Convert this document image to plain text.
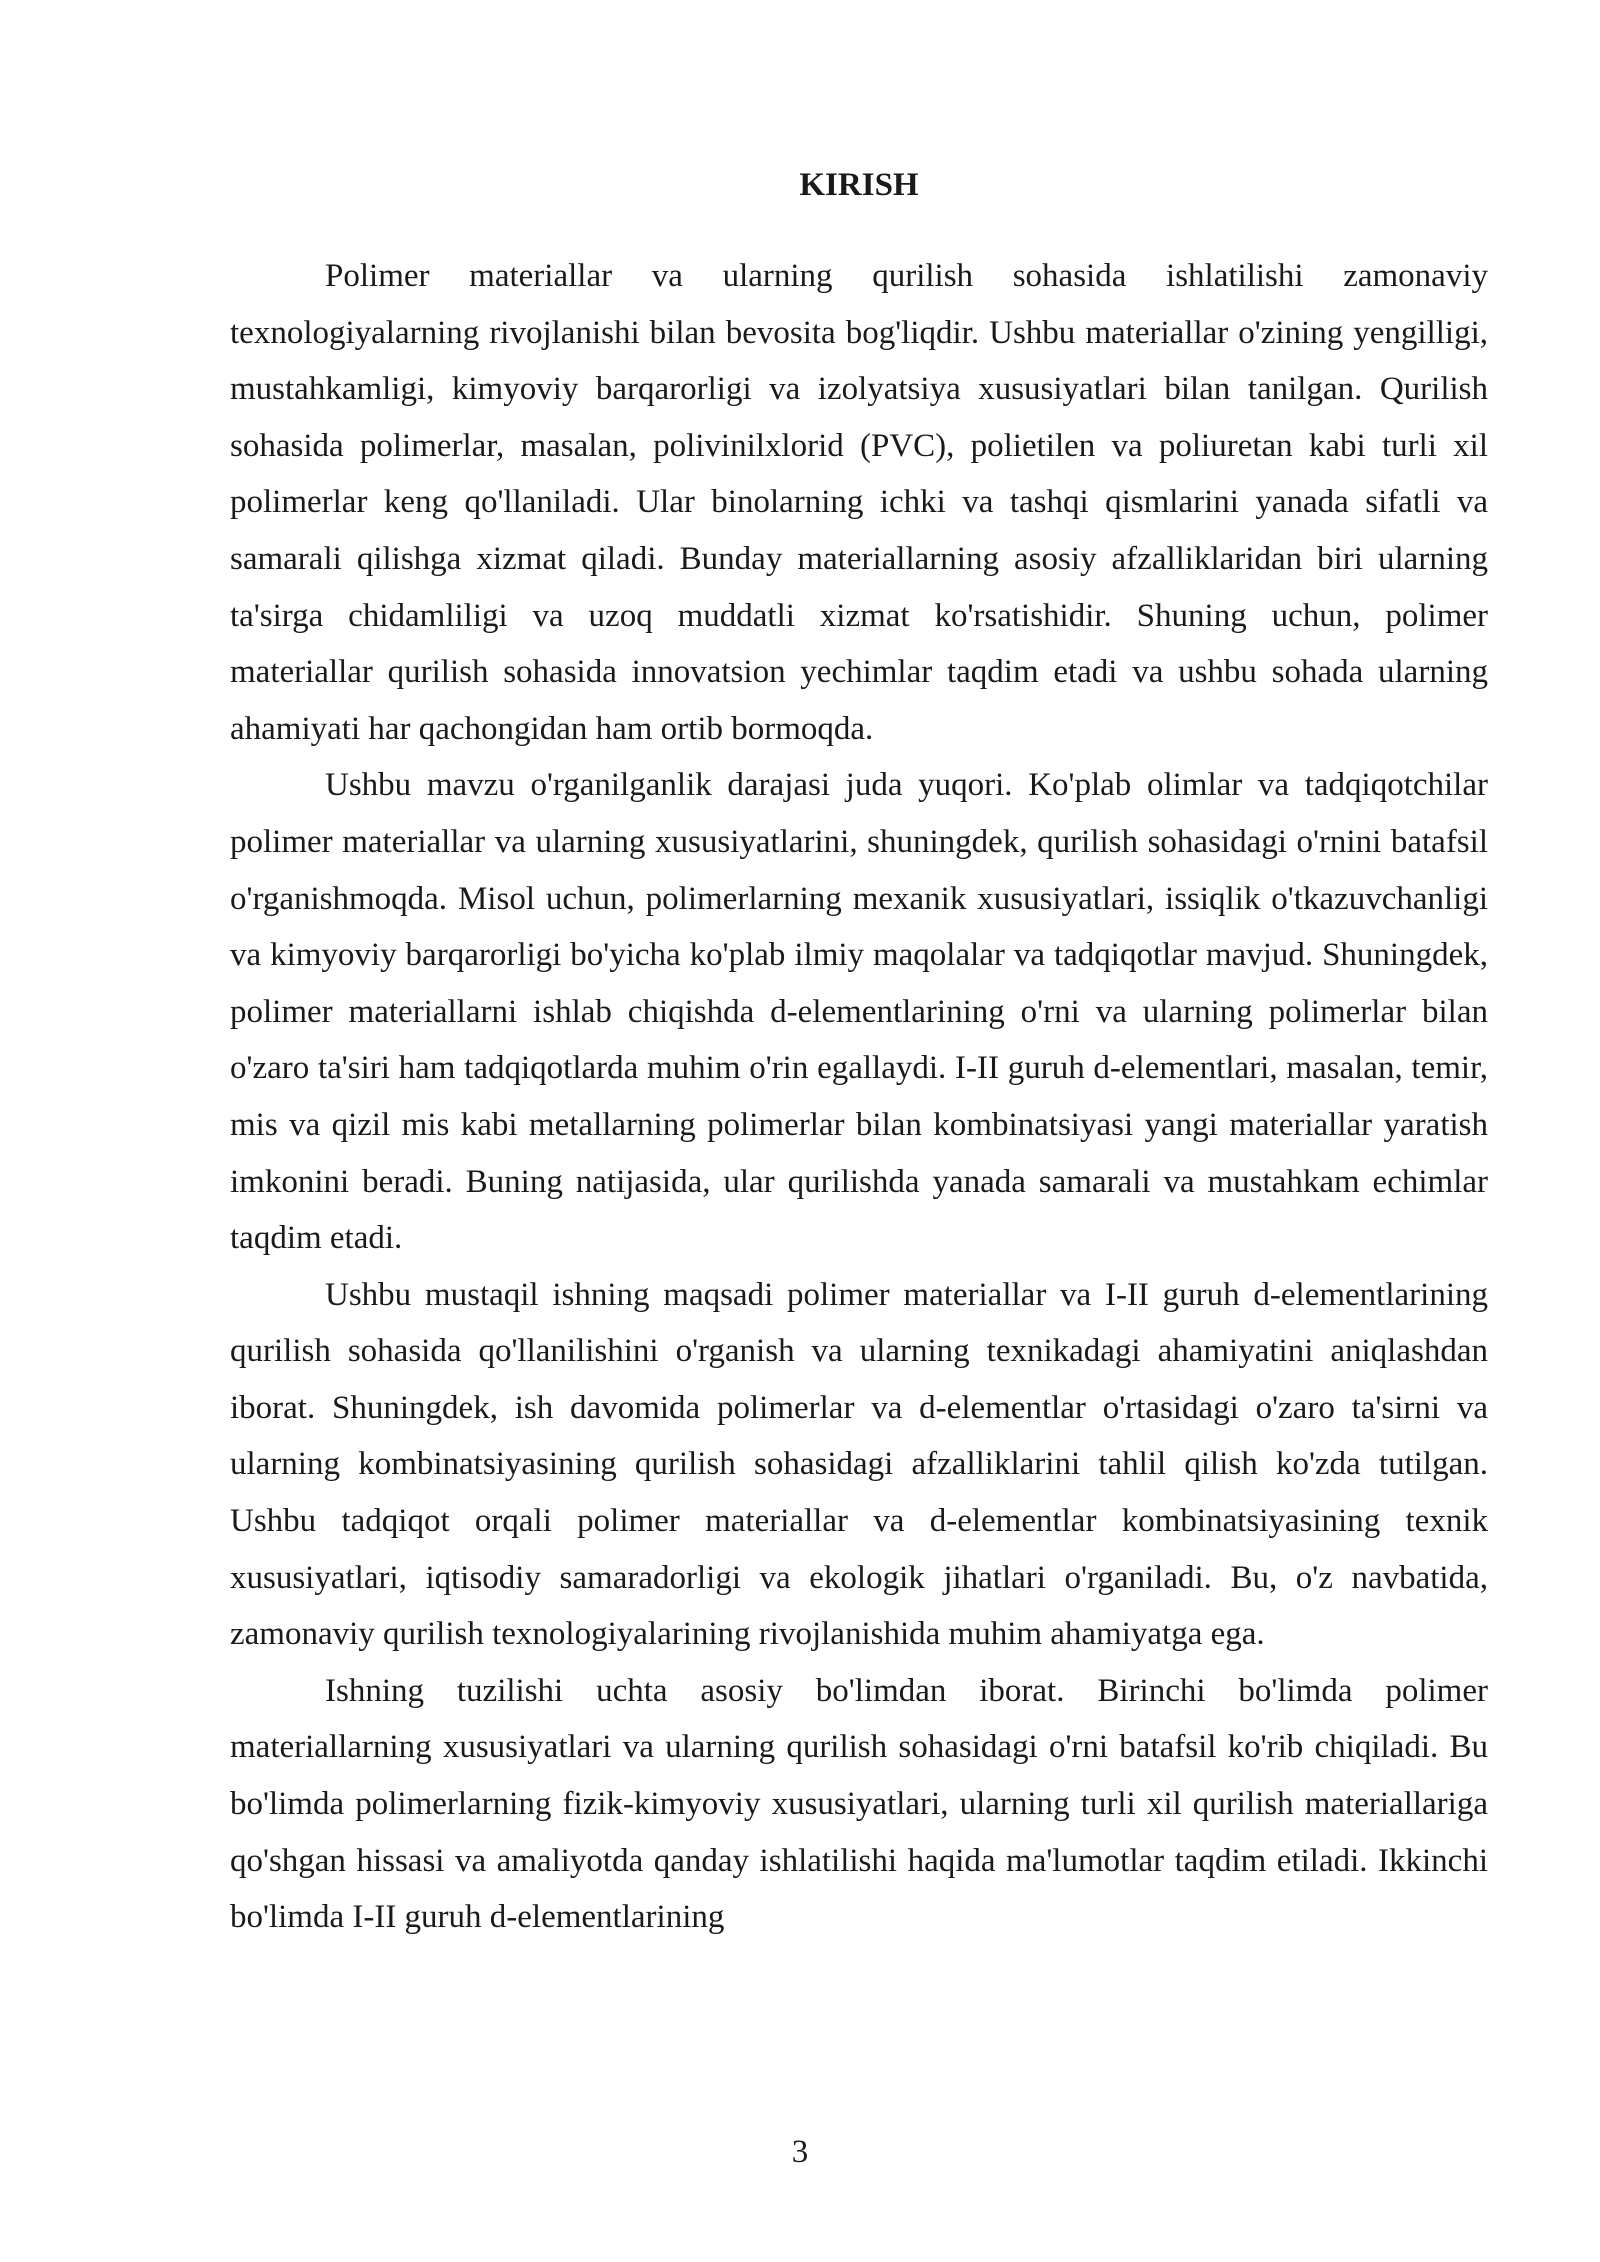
KIRISH

Polimer materiallar va ularning qurilish sohasida ishlatilishi zamonaviy texnologiyalarning rivojlanishi bilan bevosita bog'liqdir. Ushbu materiallar o'zining yengilligi, mustahkamligi, kimyoviy barqarorligi va izolyatsiya xususiyatlari bilan tanilgan. Qurilish sohasida polimerlar, masalan, polivinilxlorid (PVC), polietilen va poliuretan kabi turli xil polimerlar keng qo'llaniladi. Ular binolarning ichki va tashqi qismlarini yanada sifatli va samarali qilishga xizmat qiladi. Bunday materiallarning asosiy afzalliklaridan biri ularning ta'sirga chidamliligi va uzoq muddatli xizmat ko'rsatishidir. Shuning uchun, polimer materiallar qurilish sohasida innovatsion yechimlar taqdim etadi va ushbu sohada ularning ahamiyati har qachongidan ham ortib bormoqda.

Ushbu mavzu o'rganilganlik darajasi juda yuqori. Ko'plab olimlar va tadqiqotchilar polimer materiallar va ularning xususiyatlarini, shuningdek, qurilish sohasidagi o'rnini batafsil o'rganishmoqda. Misol uchun, polimerlarning mexanik xususiyatlari, issiqlik o'tkazuvchanligi va kimyoviy barqarorligi bo'yicha ko'plab ilmiy maqolalar va tadqiqotlar mavjud. Shuningdek, polimer materiallarni ishlab chiqishda d-elementlarining o'rni va ularning polimerlar bilan o'zaro ta'siri ham tadqiqotlarda muhim o'rin egallaydi. I-II guruh d-elementlari, masalan, temir, mis va qizil mis kabi metallarning polimerlar bilan kombinatsiyasi yangi materiallar yaratish imkonini beradi. Buning natijasida, ular qurilishda yanada samarali va mustahkam echimlar taqdim etadi.

Ushbu mustaqil ishning maqsadi polimer materiallar va I-II guruh d-elementlarining qurilish sohasida qo'llanilishini o'rganish va ularning texnikadagi ahamiyatini aniqlashdan iborat. Shuningdek, ish davomida polimerlar va d-elementlar o'rtasidagi o'zaro ta'sirni va ularning kombinatsiyasining qurilish sohasidagi afzalliklarini tahlil qilish ko'zda tutilgan. Ushbu tadqiqot orqali polimer materiallar va d-elementlar kombinatsiyasining texnik xususiyatlari, iqtisodiy samaradorligi va ekologik jihatlari o'rganiladi. Bu, o'z navbatida, zamonaviy qurilish texnologiyalarining rivojlanishida muhim ahamiyatga ega.

Ishning tuzilishi uchta asosiy bo'limdan iborat. Birinchi bo'limda polimer materiallarning xususiyatlari va ularning qurilish sohasidagi o'rni batafsil ko'rib chiqiladi. Bu bo'limda polimerlarning fizik-kimyoviy xususiyatlari, ularning turli xil qurilish materiallariga qo'shgan hissasi va amaliyotda qanday ishlatilishi haqida ma'lumotlar taqdim etiladi. Ikkinchi bo'limda I-II guruh d-elementlarining

3
